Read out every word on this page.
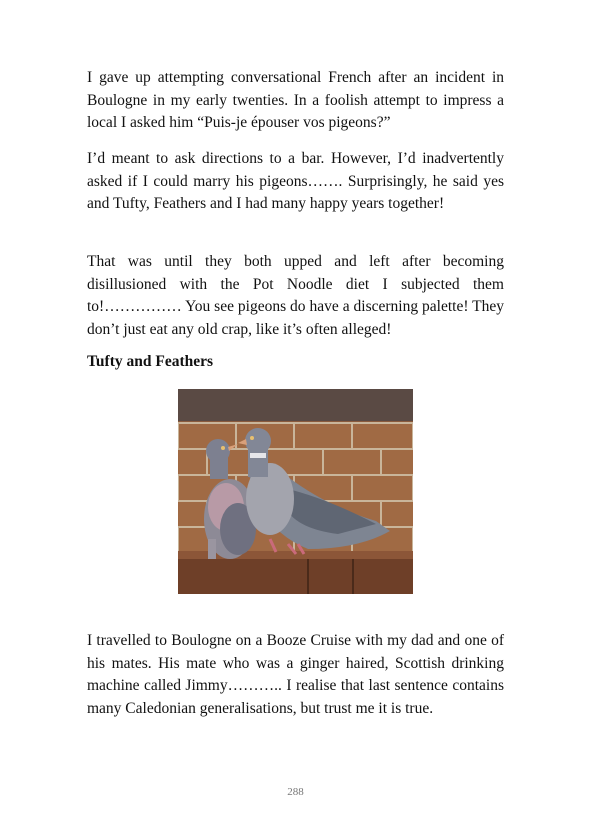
I gave up attempting conversational French after an incident in Boulogne in my early twenties. In a foolish attempt to impress a local I asked him “Puis-je épouser vos pigeons?”

I’d meant to ask directions to a bar. However, I’d inadvertently asked if I could marry his pigeons……. Surprisingly, he said yes and Tufty, Feathers and I had many happy years together!

That was until they both upped and left after becoming disillusioned with the Pot Noodle diet I subjected them to!…………… You see pigeons do have a discerning palette! They don’t just eat any old crap, like it’s often alleged!

Tufty and Feathers

I travelled to Boulogne on a Booze Cruise with my dad and one of his mates. His mate who was a ginger haired, Scottish drinking machine called Jimmy……….. I realise that last sentence contains many Caledonian generalisations, but trust me it is true.

288
